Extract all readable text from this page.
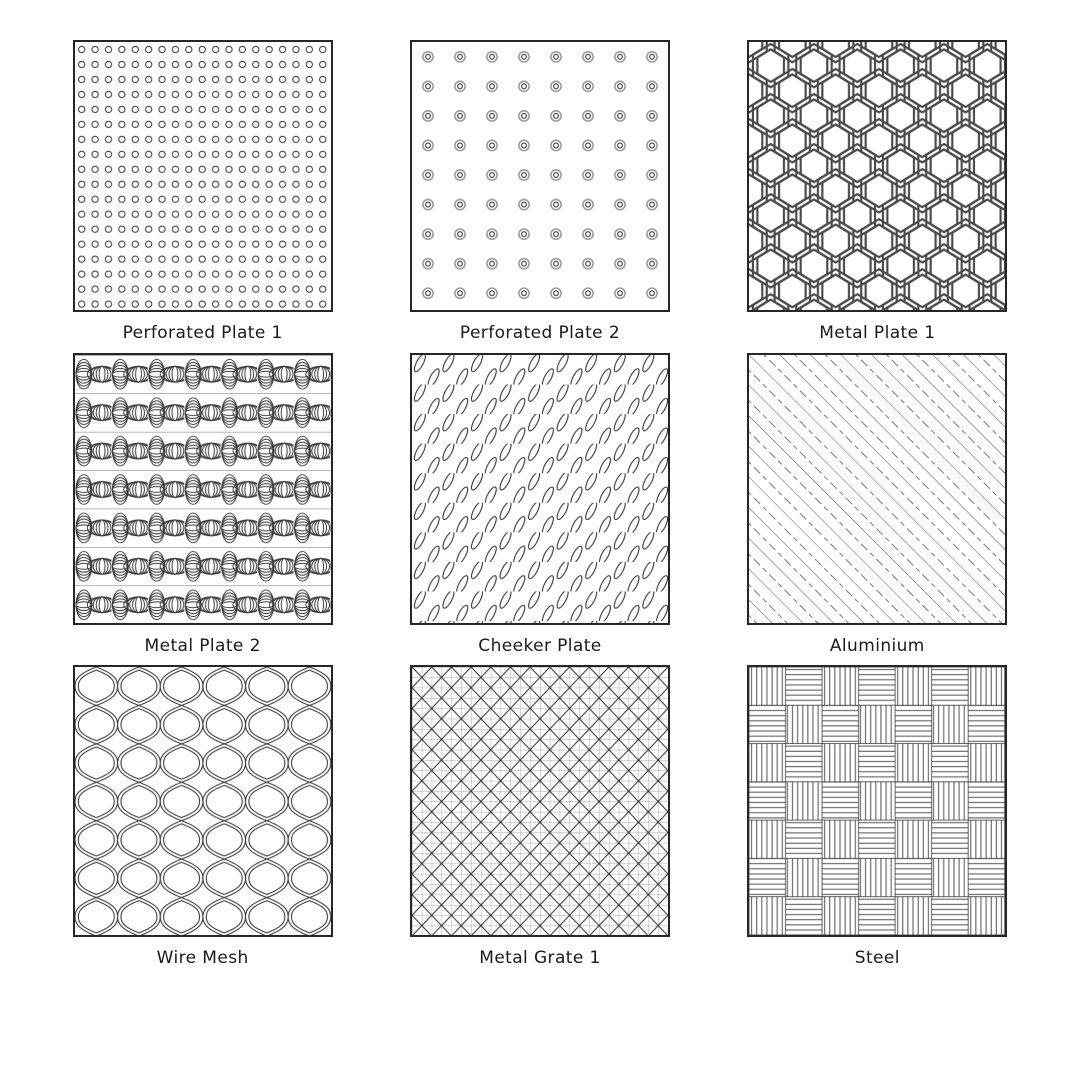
Perforated Plate 1	Perforated Plate 2	Metal Plate 1
Metal Plate 2	Cheeker Plate	Aluminium
Wire Mesh	Metal Grate 1	Steel
